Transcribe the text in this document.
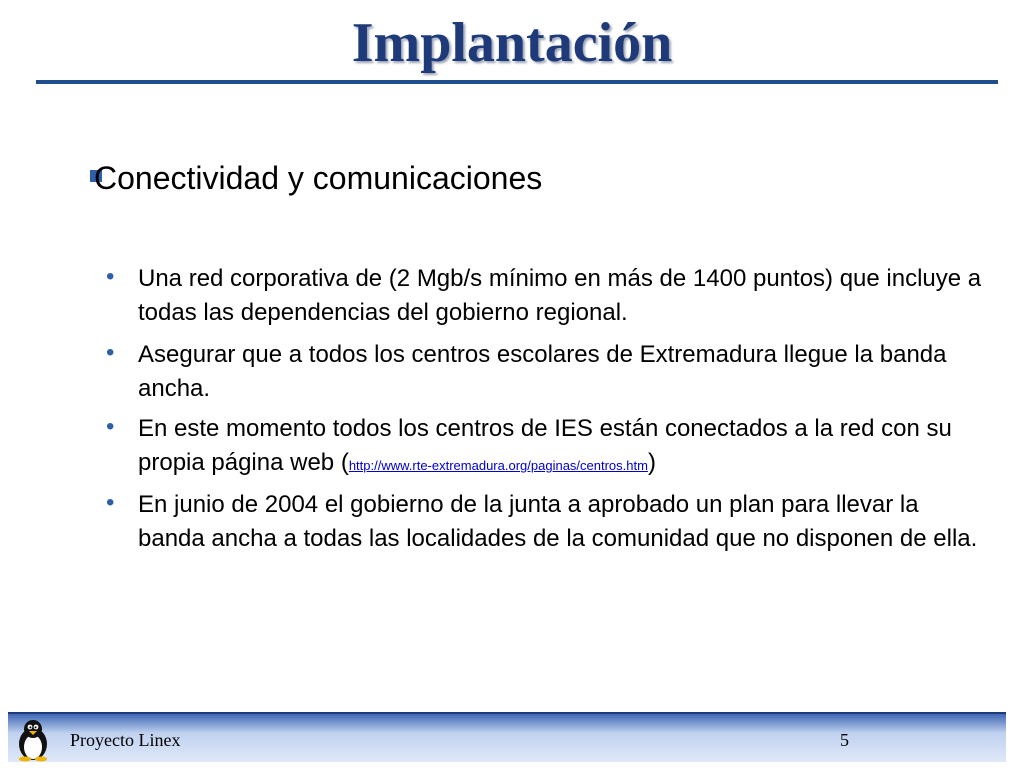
Implantación
Conectividad y comunicaciones
• Una red corporativa de (2 Mgb/s mínimo en más de 1400 puntos) que incluye a todas las dependencias del gobierno regional.
• Asegurar que a todos los centros escolares de Extremadura llegue la banda ancha.
• En este momento todos los centros de IES están conectados a la red con su propia página web (http://www.rte-extremadura.org/paginas/centros.htm)
• En junio de 2004 el gobierno de la junta a aprobado un plan para llevar la banda ancha a todas las localidades de la comunidad que no disponen de ella.
Proyecto Linex	5
